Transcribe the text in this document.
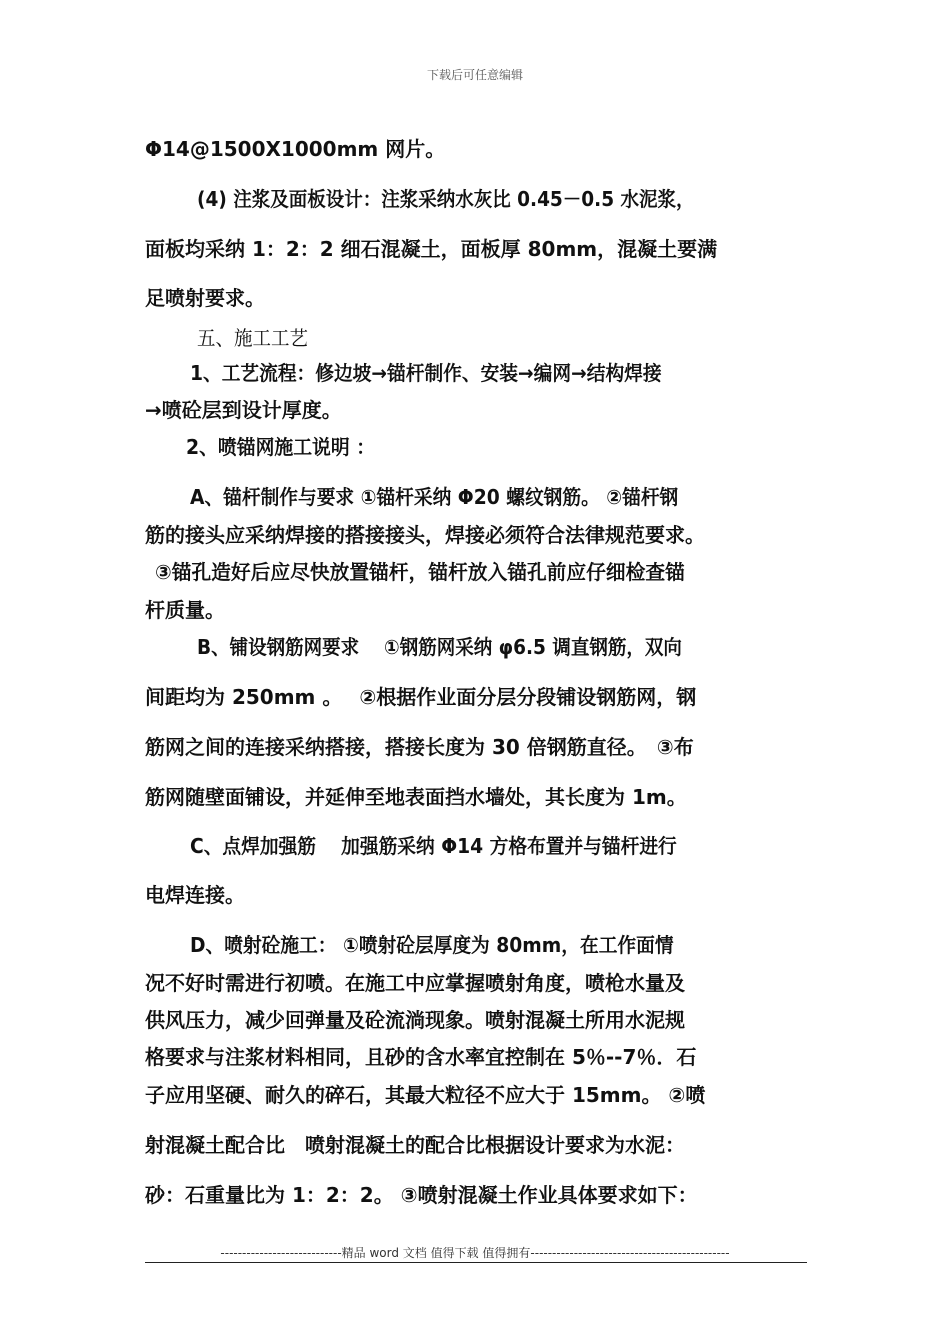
下载后可任意编辑
Φ14@1500X1000mm 网片。
(4) 注浆及面板设计：注浆采纳水灰比 0.45－0.5 水泥浆，
面板均采纳 1：2：2 细石混凝土，面板厚 80mm，混凝土要满
足喷射要求。
五、施工工艺
1、工艺流程：修边坡→锚杆制作、安装→编网→结构焊接
→喷砼层到设计厚度。
2、喷锚网施工说明 ：
A、锚杆制作与要求 ①锚杆采纳 Φ20 螺纹钢筋。 ②锚杆钢
筋的接头应采纳焊接的搭接接头，焊接必须符合法律规范要求。
③锚孔造好后应尽快放置锚杆，锚杆放入锚孔前应仔细检查锚
杆质量。
B、铺设钢筋网要求　 ①钢筋网采纳 φ6.5 调直钢筋，双向
间距均为 250mm 。　 ②根据作业面分层分段铺设钢筋网，钢
筋网之间的连接采纳搭接，搭接长度为 30 倍钢筋直径。　③布
筋网随壁面铺设，并延伸至地表面挡水墙处，其长度为 1m。
C、点焊加强筋　 加强筋采纳 Φ14 方格布置并与锚杆进行
电焊连接。
D、喷射砼施工： ①喷射砼层厚度为 80mm，在工作面情
况不好时需进行初喷。在施工中应掌握喷射角度，喷枪水量及
供风压力，减少回弹量及砼流淌现象。喷射混凝土所用水泥规
格要求与注浆材料相同，且砂的含水率宜控制在 5％--7％．石
子应用坚硬、耐久的碎石，其最大粒径不应大于 15mm。 ②喷
射混凝土配合比　喷射混凝土的配合比根据设计要求为水泥：
砂：石重量比为 1：2：2。 ③喷射混凝土作业具体要求如下：
----------------------------精品 word 文档 值得下载 值得拥有----------------------------------------------
